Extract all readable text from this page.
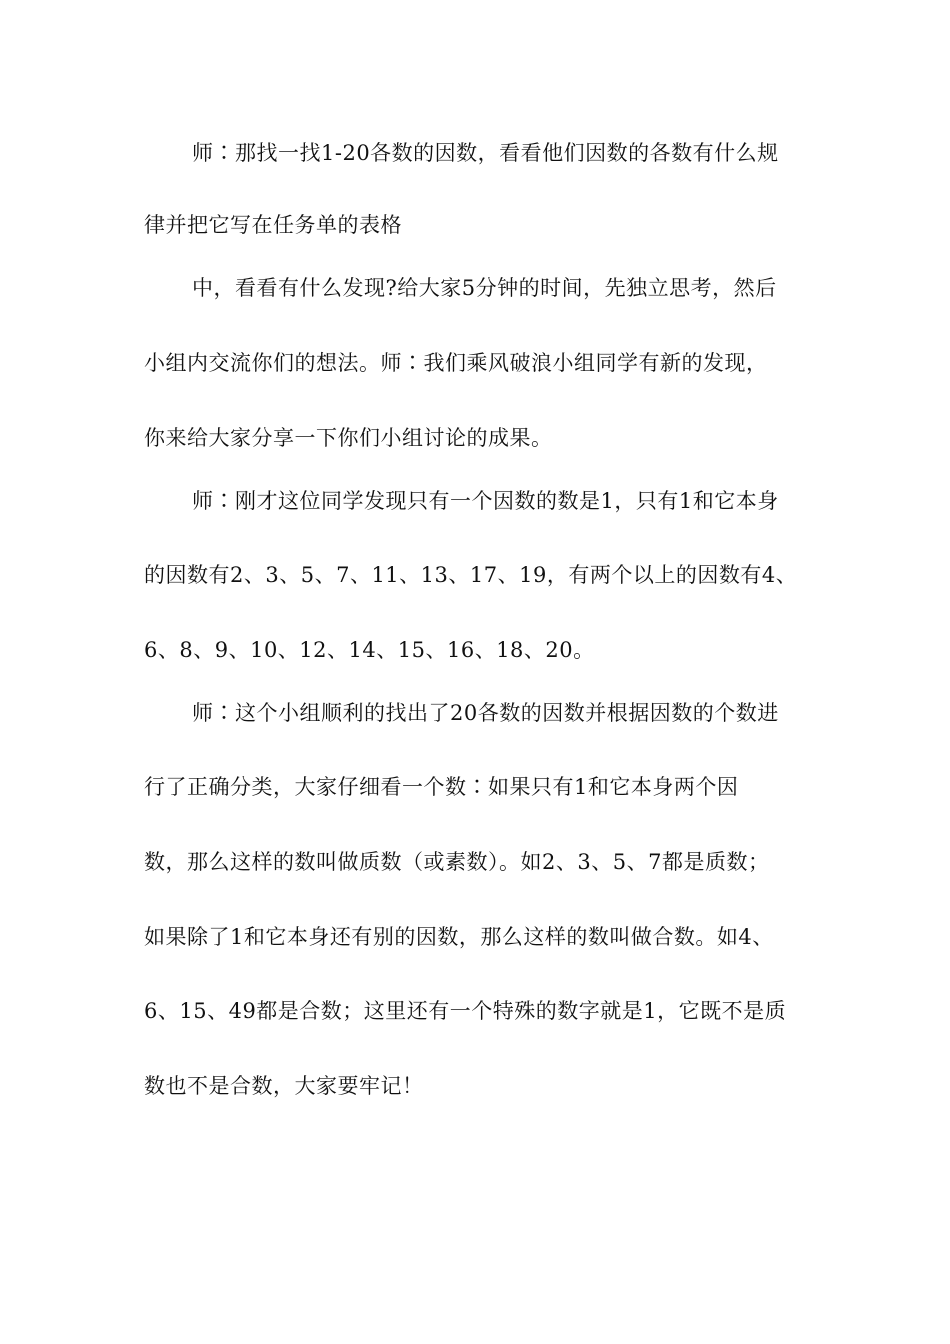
师∶那找一找1-20各数的因数，看看他们因数的各数有什么规

律并把它写在任务单的表格

中，看看有什么发现?给大家5分钟的时间，先独立思考，然后

小组内交流你们的想法。师∶我们乘风破浪小组同学有新的发现，

你来给大家分享一下你们小组讨论的成果。

师∶刚才这位同学发现只有一个因数的数是1，只有1和它本身

的因数有2、3、5、7、11、13、17、19，有两个以上的因数有4、

6、8、9、10、12、14、15、16、18、20。

师∶这个小组顺利的找出了20各数的因数并根据因数的个数进

行了正确分类，大家仔细看一个数∶如果只有1和它本身两个因

数，那么这样的数叫做质数（或素数）。如2、3、5、7都是质数；

如果除了1和它本身还有别的因数，那么这样的数叫做合数。如4、

6、15、49都是合数；这里还有一个特殊的数字就是1，它既不是质

数也不是合数，大家要牢记！
